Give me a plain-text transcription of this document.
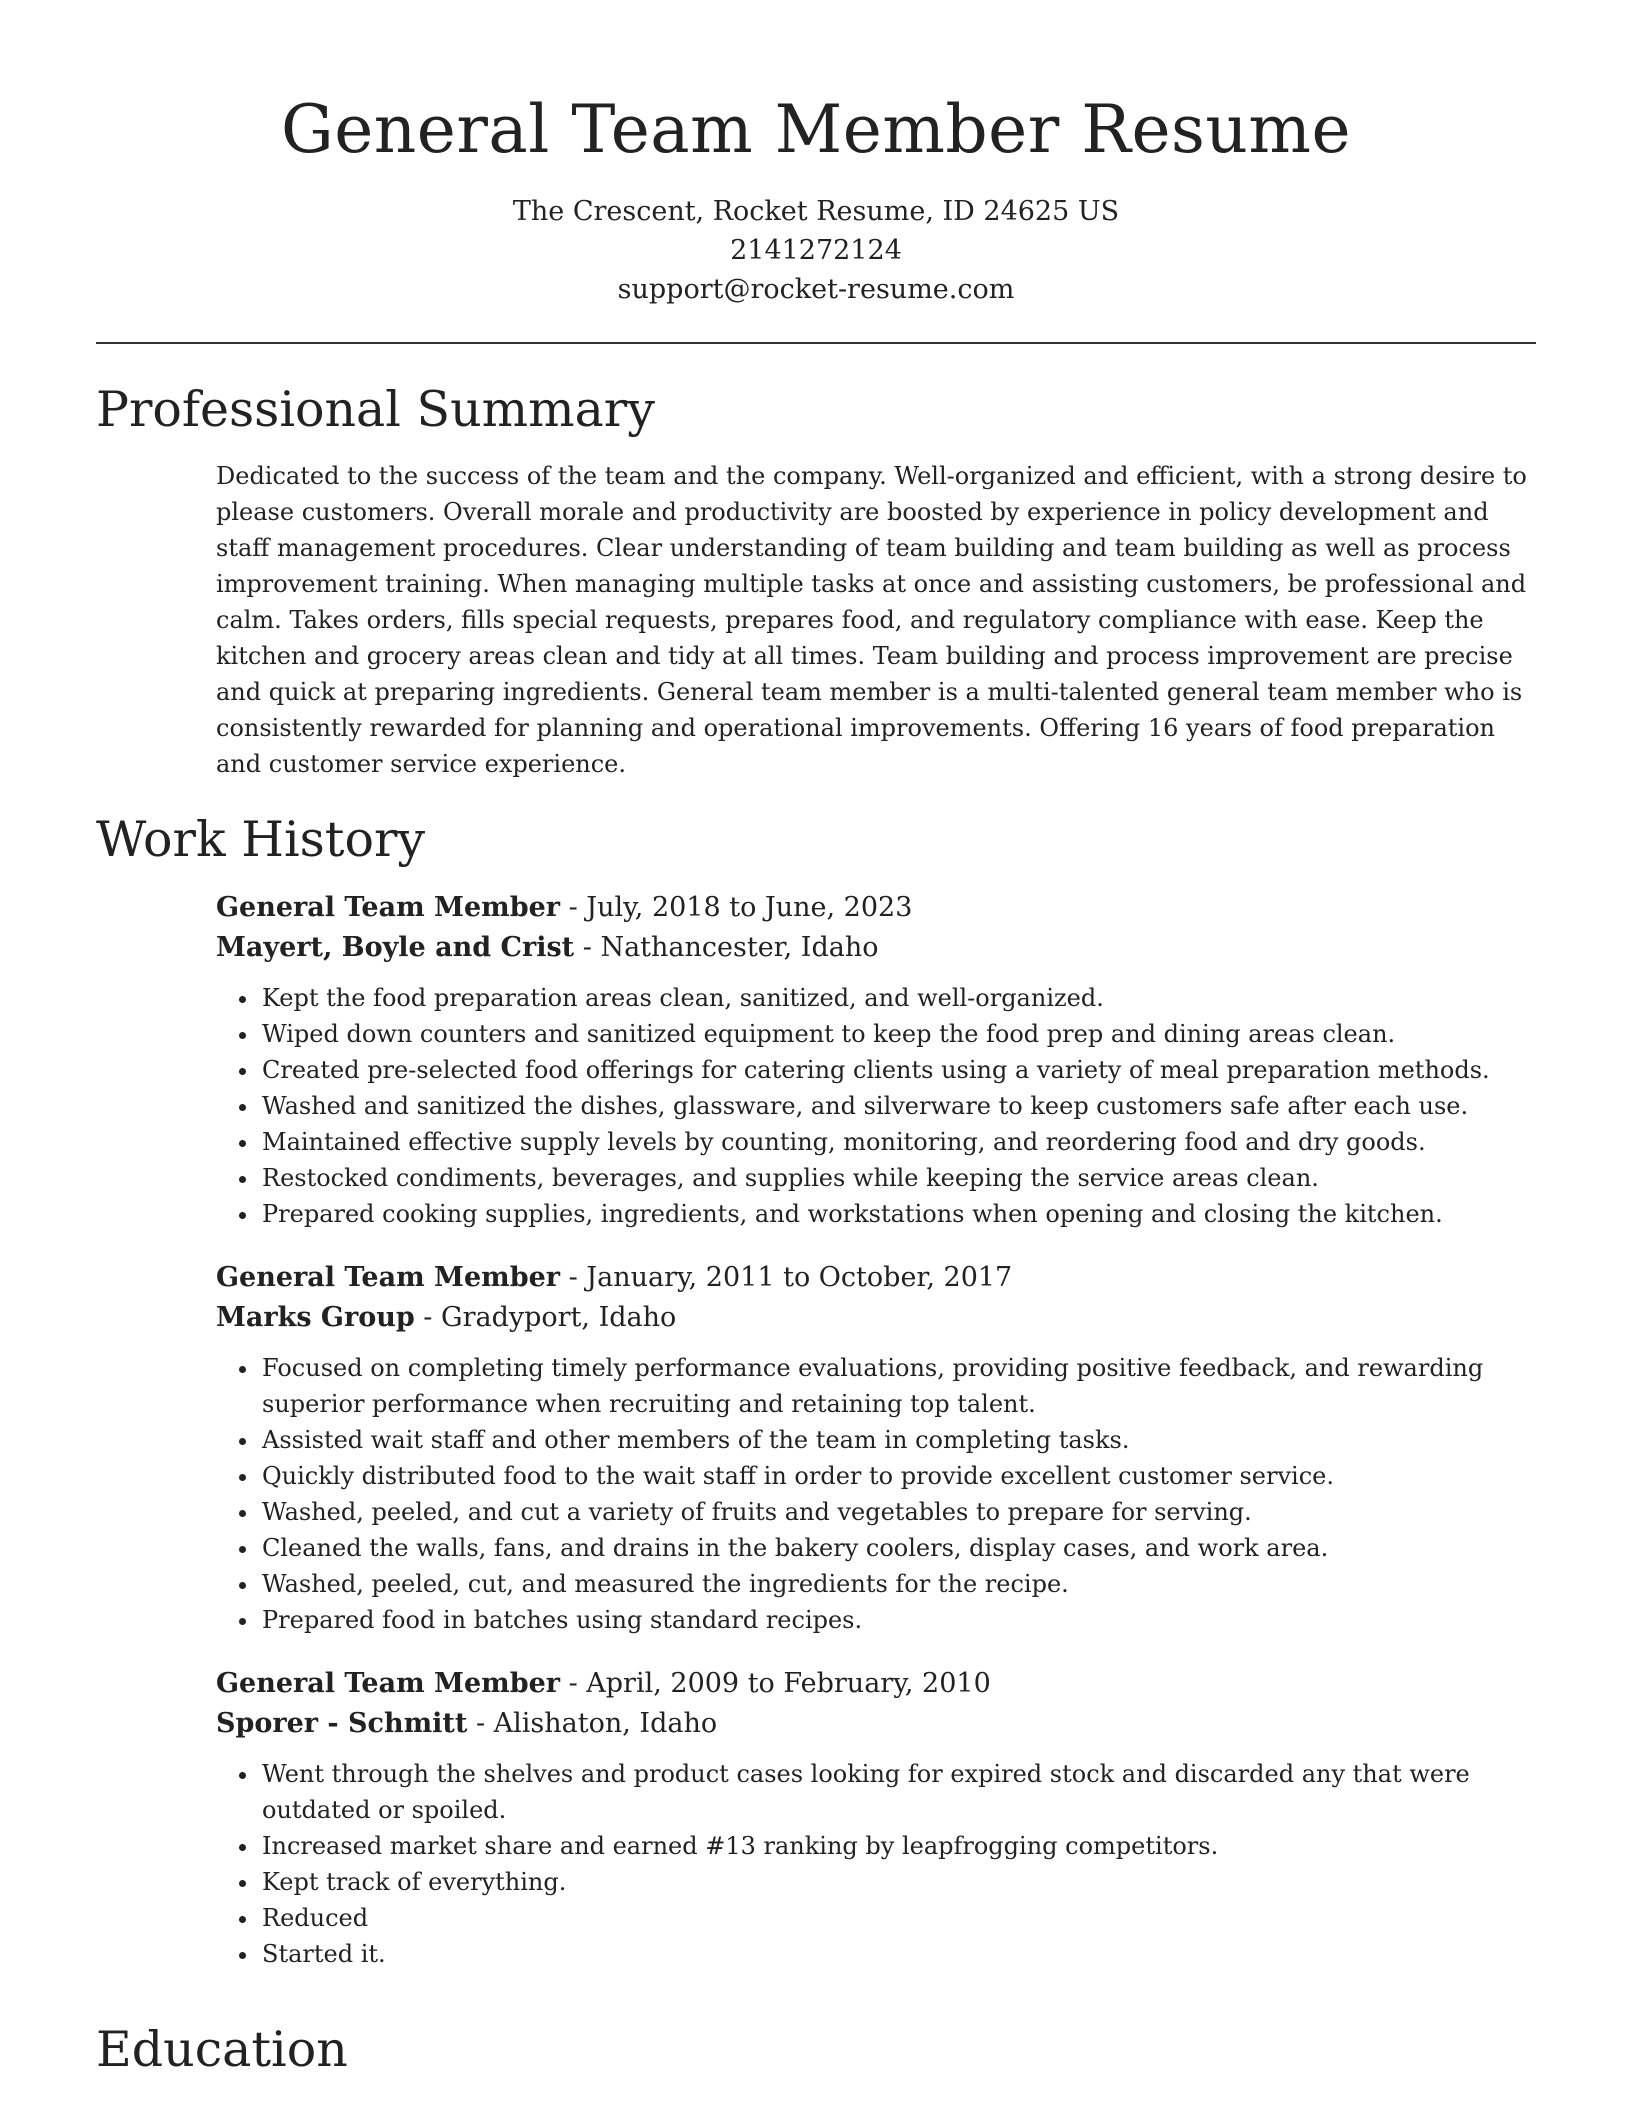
General Team Member Resume
The Crescent, Rocket Resume, ID 24625 US
2141272124
support@rocket-resume.com
Professional Summary

Dedicated to the success of the team and the company. Well-organized and efficient, with a strong desire to please customers. Overall morale and productivity are boosted by experience in policy development and staff management procedures. Clear understanding of team building and team building as well as process improvement training. When managing multiple tasks at once and assisting customers, be professional and calm. Takes orders, fills special requests, prepares food, and regulatory compliance with ease. Keep the kitchen and grocery areas clean and tidy at all times. Team building and process improvement are precise and quick at preparing ingredients. General team member is a multi-talented general team member who is consistently rewarded for planning and operational improvements. Offering 16 years of food preparation and customer service experience.

Work History

General Team Member - July, 2018 to June, 2023

Mayert, Boyle and Crist - Nathancester, Idaho

• Kept the food preparation areas clean, sanitized, and well-organized.
• Wiped down counters and sanitized equipment to keep the food prep and dining areas clean.
• Created pre-selected food offerings for catering clients using a variety of meal preparation methods.
• Washed and sanitized the dishes, glassware, and silverware to keep customers safe after each use.
• Maintained effective supply levels by counting, monitoring, and reordering food and dry goods.
• Restocked condiments, beverages, and supplies while keeping the service areas clean.
• Prepared cooking supplies, ingredients, and workstations when opening and closing the kitchen.

General Team Member - January, 2011 to October, 2017

Marks Group - Gradyport, Idaho

• Focused on completing timely performance evaluations, providing positive feedback, and rewarding superior performance when recruiting and retaining top talent.
• Assisted wait staff and other members of the team in completing tasks.
• Quickly distributed food to the wait staff in order to provide excellent customer service.
• Washed, peeled, and cut a variety of fruits and vegetables to prepare for serving.
• Cleaned the walls, fans, and drains in the bakery coolers, display cases, and work area.
• Washed, peeled, cut, and measured the ingredients for the recipe.
• Prepared food in batches using standard recipes.

General Team Member - April, 2009 to February, 2010

Sporer - Schmitt - Alishaton, Idaho

• Went through the shelves and product cases looking for expired stock and discarded any that were outdated or spoiled.
• Increased market share and earned #13 ranking by leapfrogging competitors.
• Kept track of everything.
• Reduced
• Started it.
Education
